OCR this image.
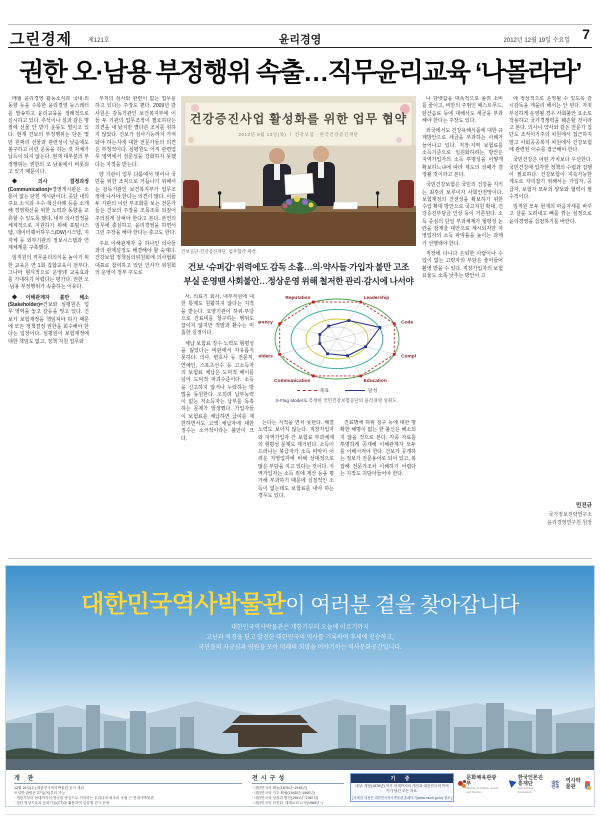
그린경제	제121호	윤리경영	2012년 12월 19일 수요일 7
권한 오·남용 부정행위 속출…직무윤리교육 ‘나몰라라’

매월 윤리경영 활동소식과 국내·외 동향 등을 수록한 윤리경영 뉴스레터를 발송하고 윤리교육을 정례적으로 실시하고 있다. 추석이나 설과 같은 명절에 선물 안 받기 운동도 벌이고 있다. 현재 건보의 부정행위는 단돈 몇 만 원짜리 선물과 관련성이 낮음에도 불구하고 이런 운동을 하는 것 자체가 납득이 되지 않는다. 현재 대부분의 부정행위는 권한의 오·남용에서 비롯되고 있기 때문이다.

◆의사 결정과정(Communication)=경영게시판은 소통이 없는 닫힌 게시판이다. 공단 내의 주요 소식과 우수 혁신사례 등을 소개해 경영혁신을 위한 노력과 동향을 교류할 수 있도록 했다. 내부 의사결정을 체계적으로 지원하기 위해 포털시스템, 데이터웨어하우스(DW)시스템, 지자체 등 외부기관의 정보시스템과 연계체계를 구축했다.

임직원의 직무윤리의식을 높이기 위한 교육은 연 1회 집합교육이 전부다. 그나마 형식적으로 운영돼 교육효과를 기대하기 어렵다는 평가다. 권한 오·남용 부정행위가 속출하는 이유다.

◆이해관계자 불만 해소(Stakeholder)=건보와 심평원은 업무 영역을 놓고 갈등을 빚고 있다. 건보가 보험재정을 책임져야 하기 때문에 모든 정책결정 권한을 회수해야 한다는 입장이다. 심평원이 보험재정에 대한 책임도 없고, 정책 지원 업무와

부처의 심사와 관련이 없는 업무를 하고 있다는 주장도 편다. 2009년 감사원은 감독기관인 보건복지부에 이들 두 기관의 업무조정이 필요하다는 의견을 내 놨지만 별다른 조치를 취하지 않았다. 건보가 심사기능까지 가져와야 하는지에 대한 전문가들의 의견은 부정적이다. 심평원도 아직 관련업무 영역에서 전문성을 강화하지 못했다는 지적을 받는다.

양 기관이 업무 다툼에서 벗어나 국민을 위한 조직으로 거듭나기 위해서는 감독기관인 보건복지부가 업무조정에 나서야 한다는 의견이 많다. 이들 두 기관의 이런 부조화를 보는 전문가들은 건보의 주장을 조목조목 되짚어 주의깊게 살펴야 한다고 본다. 본연의 임무에 충실하고, 윤리경영을 하면서 그런 주장을 해야 한다는 충고도 한다.

주요 이해관계자 중 하나인 의사들과의 관계설정도 해결해야 할 숙제다. 건강보험 정책심의위원회에 의사협회 대표로 참여하고 있던 인사가 위원회의 운영이 정부 주도로

사, 의료기 회사, 내부직원에 대한 통제도 원활하지 않다는 지적을 받는다. 요양기관이 허위·부당으로 진료비를 청구하는 행위도 끊이지 않지만 적발과 환수는 미흡한 실정이다.

체납 보험료 징수 노력도 형평성을 잃었다는 비판에서 자유롭지 못하다. 의사, 변호사 등 전문직, 연예인, 스포츠선수 등 고소득자의 보험료 체납은 도덕적 해이를 넘어 도덕적 파괴수준이다. 소득을 신고하지 않거나 누락하는 방법을 동원한다. 오히려 납부능력이 없는 저소득자는 납부를 독촉하는 문제가 발생했다. 가입자들이 보험료를 체납하면 급여를 제한하면서도 고액 체납자에 대한 징수는 소극적이라는 불만이 크다.

는다는 지적을 면치 못한다. 해결노력도 보이지 않는다. 직장가입자와 지역가입자 간 보험료 부과체계의 형평성 문제도 제기된다. 소득이 드러나는 봉급자가 소득 파악이 어려운 자영업자에 비해 상대적으로 많은 부담을 지고 있다는 것이다. 지역가입자는 소득 외에 재산 등을 평가해 부과하기 때문에 실질적인 소득이 없는데도 보험료를 내야 하는 경우도 있다.

진료명세 허위 청구 등에 대한 명확한 해명이 없는 한 불신은 해소되지 않을 것으로 본다. 각종 자료를 투명하게 공개해 이해관계자 모두를 이해시켜야 한다. 건보가 공개하는 정보가 전문용어로 되어 있고, 복잡해 전문가조차 이해하기 어렵다는 지적도 귀담아들어야 한다.

나 담뱃값을 대폭적으로 올려 소비를 줄이고, 비만의 주범인 패스트푸드, 탄산음료 등에 대해서도 세금을 부과해야 한다는 주장도 있다.

외국에서도 건강유해식품에 대한 규제방안으로 세금을 부과하는 사례가 늘어나고 있다. 직장·지역 보험료를 소득기준으로 일원화하려는 방안은 지역가입자의 소득 투명성을 어떻게 확보하느냐에 따라 제도의 성패가 결정될 것이라고 본다.

국민건강보험은 국민의 건강을 지키는 최후의 보루이자 사회안전망이다. 보험재정의 건전성을 확보하기 위한 수입 확대 방안으로 국고지원 확대, 건강증진부담금 인상 등이 거론된다. 소득 중심의 단일 부과체계가 형평성 논란을 잠재울 대안으로 제시되지만 자영업자의 소득 파악률을 높이는 과제가 선행돼야 한다.

직장에 다니다 은퇴한 사람이나 수입이 없는 고령자의 부담은 줄어들어 환영 받을 수 있다. 직장가입자의 보험요율도 소폭 낮추는 방안이 고

에 정상적으로 운영될 수 있도록 감시감독을 게을리 해서는 안 된다. 자칫 부실하게 운영될 경우 사회불안 요소로 작용하고 국가경쟁력을 훼손할 것이라고 본다. 의사나 약사와 같은 전문가 집단도 조직이기주의 차원에서 접근하지 말고 사회공공복지 차원에서 건강보험에 관련된 이슈를 접근해야 한다.

국민건강은 어떤 가치보다 우선한다. 국민건강에 입각한 정책의 수립과 집행이 필요하다. 건강보험이 지속가능한 제도로 자리잡기 위해서는 가입자, 공급자, 보험자 모두의 양보와 협력이 필수적이다.

임직원 모두 현재의 마음자세를 바꾸고 살을 도려내고 뼈를 깎는 심정으로 윤리경영을 실천하기를 바란다.

민진규
국가정보전략연구소
윤리경영연구원 원장
건강증진사업 활성화를 위한 업무 협약
2012년 9월 13일(목) ㅣ 건강보험 · 한국건강증진재단
건보공단-건강증진재단, 업무협약 체결.
건보 ‘슈퍼갑’ 위력에도 감독 소홀…의·약사들·가입자 불만 고조
부실 운영땐 사회불안…정상운영 위해 철저한 관리·감시에 나서야
Reputation	Leadership
Code
Compl
Education
Communication
olders
arency
목표	달성
8-Flag Model로 측정한 국민건강보험공단의 윤리경영 성취도.
대한민국역사박물관이 여러분 곁을 찾아갑니다
대한민국역사박물관은 개항기부터 오늘에 이르기까지
고난과 역경을 딛고 발전한 대한민국의 역사를 기록하여 후세에 전승하고,
국민들의 자긍심과 염원을 모아 미래의 희망을 이야기하는 역사문화공간입니다.
개 관
12월 26일(수) 대한민국역사박물관 공식 개관
※일반 관람은 27일(목)부터 가능
· 개항기부터 현대까지의 역사를 중심으로 기억하는 우리나라 최초의 국립 근·현대사박물관
· 첨단 영상기술과 문화기술(CT)을 활용하여 실감형 전시 운영
전시구성
· 대한민국의 태동(1876년~1945년)
· 대한민국의 기초 확립(1945년~1960년)
· 대한민국의 성장과 발전(1961년~1987년)
· 대한민국의 선진화, 세계로의 도약(1988년~)
기 증
대상: 개항(1876년) 이후 현재까지의 개인과 대한민국의 이야기가 담긴 모든 자료.
[ 자세한 내용은 대한민국역사박물관 홈페이지(www.much.go.kr) 참조 ]
문화체육관광부
Ministry of Culture, Sports and Tourism
한국언론진흥재단
Korea Press Foundation
대한 민국
역사박물관
